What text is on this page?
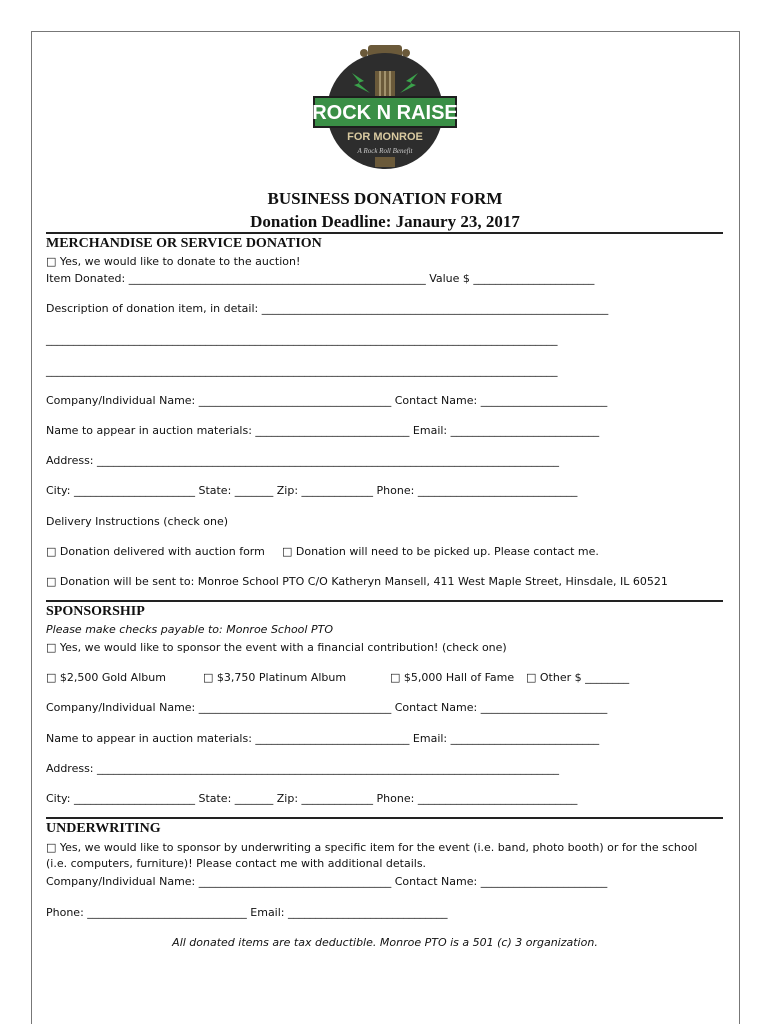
ROCK N RAISE
FOR MONROE
A Rock Roll Benefit
BUSINESS DONATION FORM
Donation Deadline: Janaury 23, 2017
MERCHANDISE OR SERVICE DONATION
□ Yes, we would like to donate to the auction!
Item Donated: ______________________________________________________ Value $ ______________________
Description of donation item, in detail: _______________________________________________________________
_____________________________________________________________________________________________
_____________________________________________________________________________________________
Company/Individual Name: ___________________________________ Contact Name: _______________________
Name to appear in auction materials: ____________________________ Email: ___________________________
Address: ____________________________________________________________________________________
City: ______________________ State: _______ Zip: _____________ Phone: _____________________________
Delivery Instructions (check one)
□ Donation delivered with auction form □ Donation will need to be picked up. Please contact me.
□ Donation will be sent to: Monroe School PTO C/O Katheryn Mansell, 411 West Maple Street, Hinsdale, IL 60521
SPONSORSHIP
Please make checks payable to: Monroe School PTO
□ Yes, we would like to sponsor the event with a financial contribution! (check one)
□ $2,500 Gold Album	□ $3,750 Platinum Album	□ $5,000 Hall of Fame □ Other $ ________
Company/Individual Name: ___________________________________ Contact Name: _______________________
Name to appear in auction materials: ____________________________ Email: ___________________________
Address: ____________________________________________________________________________________
City: ______________________ State: _______ Zip: _____________ Phone: _____________________________
UNDERWRITING
□ Yes, we would like to sponsor by underwriting a specific item for the event (i.e. band, photo booth) or for the school
(i.e. computers, furniture)! Please contact me with additional details.
Company/Individual Name: ___________________________________ Contact Name: _______________________
Phone: _____________________________ Email: _____________________________
All donated items are tax deductible. Monroe PTO is a 501 (c) 3 organization.
